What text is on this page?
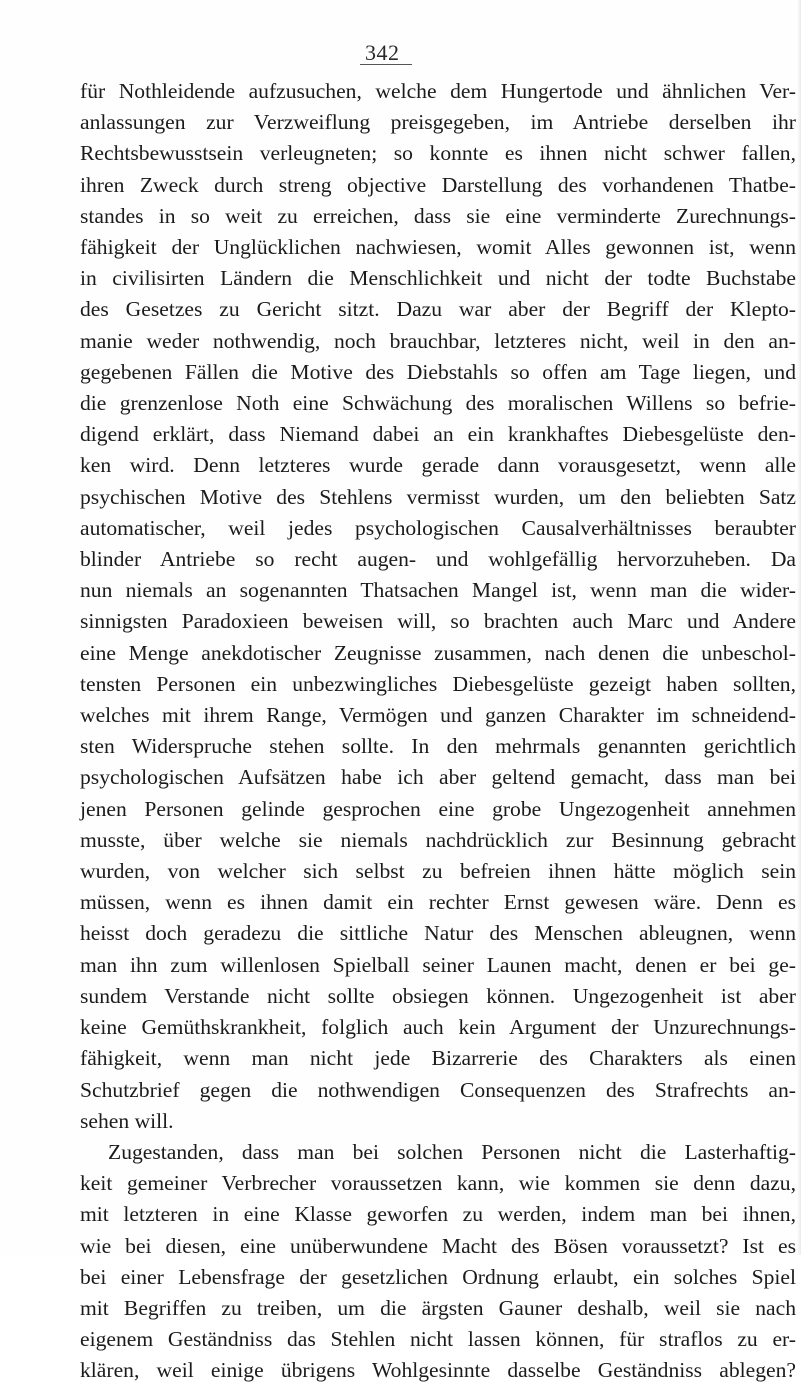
342
für Nothleidende aufzusuchen, welche dem Hungertode und ähnlichen Ver-
anlassungen zur Verzweiflung preisgegeben, im Antriebe derselben ihr
Rechtsbewusstsein verleugneten; so konnte es ihnen nicht schwer fallen,
ihren Zweck durch streng objective Darstellung des vorhandenen Thatbe-
standes in so weit zu erreichen, dass sie eine verminderte Zurechnungs-
fähigkeit der Unglücklichen nachwiesen, womit Alles gewonnen ist, wenn
in civilisirten Ländern die Menschlichkeit und nicht der todte Buchstabe
des Gesetzes zu Gericht sitzt. Dazu war aber der Begriff der Klepto-
manie weder nothwendig, noch brauchbar, letzteres nicht, weil in den an-
gegebenen Fällen die Motive des Diebstahls so offen am Tage liegen, und
die grenzenlose Noth eine Schwächung des moralischen Willens so befrie-
digend erklärt, dass Niemand dabei an ein krankhaftes Diebesgelüste den-
ken wird. Denn letzteres wurde gerade dann vorausgesetzt, wenn alle
psychischen Motive des Stehlens vermisst wurden, um den beliebten Satz
automatischer, weil jedes psychologischen Causalverhältnisses beraubter
blinder Antriebe so recht augen- und wohlgefällig hervorzuheben. Da
nun niemals an sogenannten Thatsachen Mangel ist, wenn man die wider-
sinnigsten Paradoxieen beweisen will, so brachten auch Marc und Andere
eine Menge anekdotischer Zeugnisse zusammen, nach denen die unbeschol-
tensten Personen ein unbezwingliches Diebesgelüste gezeigt haben sollten,
welches mit ihrem Range, Vermögen und ganzen Charakter im schneidend-
sten Widerspruche stehen sollte. In den mehrmals genannten gerichtlich
psychologischen Aufsätzen habe ich aber geltend gemacht, dass man bei
jenen Personen gelinde gesprochen eine grobe Ungezogenheit annehmen
musste, über welche sie niemals nachdrücklich zur Besinnung gebracht
wurden, von welcher sich selbst zu befreien ihnen hätte möglich sein
müssen, wenn es ihnen damit ein rechter Ernst gewesen wäre. Denn es
heisst doch geradezu die sittliche Natur des Menschen ableugnen, wenn
man ihn zum willenlosen Spielball seiner Launen macht, denen er bei ge-
sundem Verstande nicht sollte obsiegen können. Ungezogenheit ist aber
keine Gemüthskrankheit, folglich auch kein Argument der Unzurechnungs-
fähigkeit, wenn man nicht jede Bizarrerie des Charakters als einen
Schutzbrief gegen die nothwendigen Consequenzen des Strafrechts an-
sehen will.
Zugestanden, dass man bei solchen Personen nicht die Lasterhaftig-
keit gemeiner Verbrecher voraussetzen kann, wie kommen sie denn dazu,
mit letzteren in eine Klasse geworfen zu werden, indem man bei ihnen,
wie bei diesen, eine unüberwundene Macht des Bösen voraussetzt? Ist es
bei einer Lebensfrage der gesetzlichen Ordnung erlaubt, ein solches Spiel
mit Begriffen zu treiben, um die ärgsten Gauner deshalb, weil sie nach
eigenem Geständniss das Stehlen nicht lassen können, für straflos zu er-
klären, weil einige übrigens Wohlgesinnte dasselbe Geständniss ablegen?
